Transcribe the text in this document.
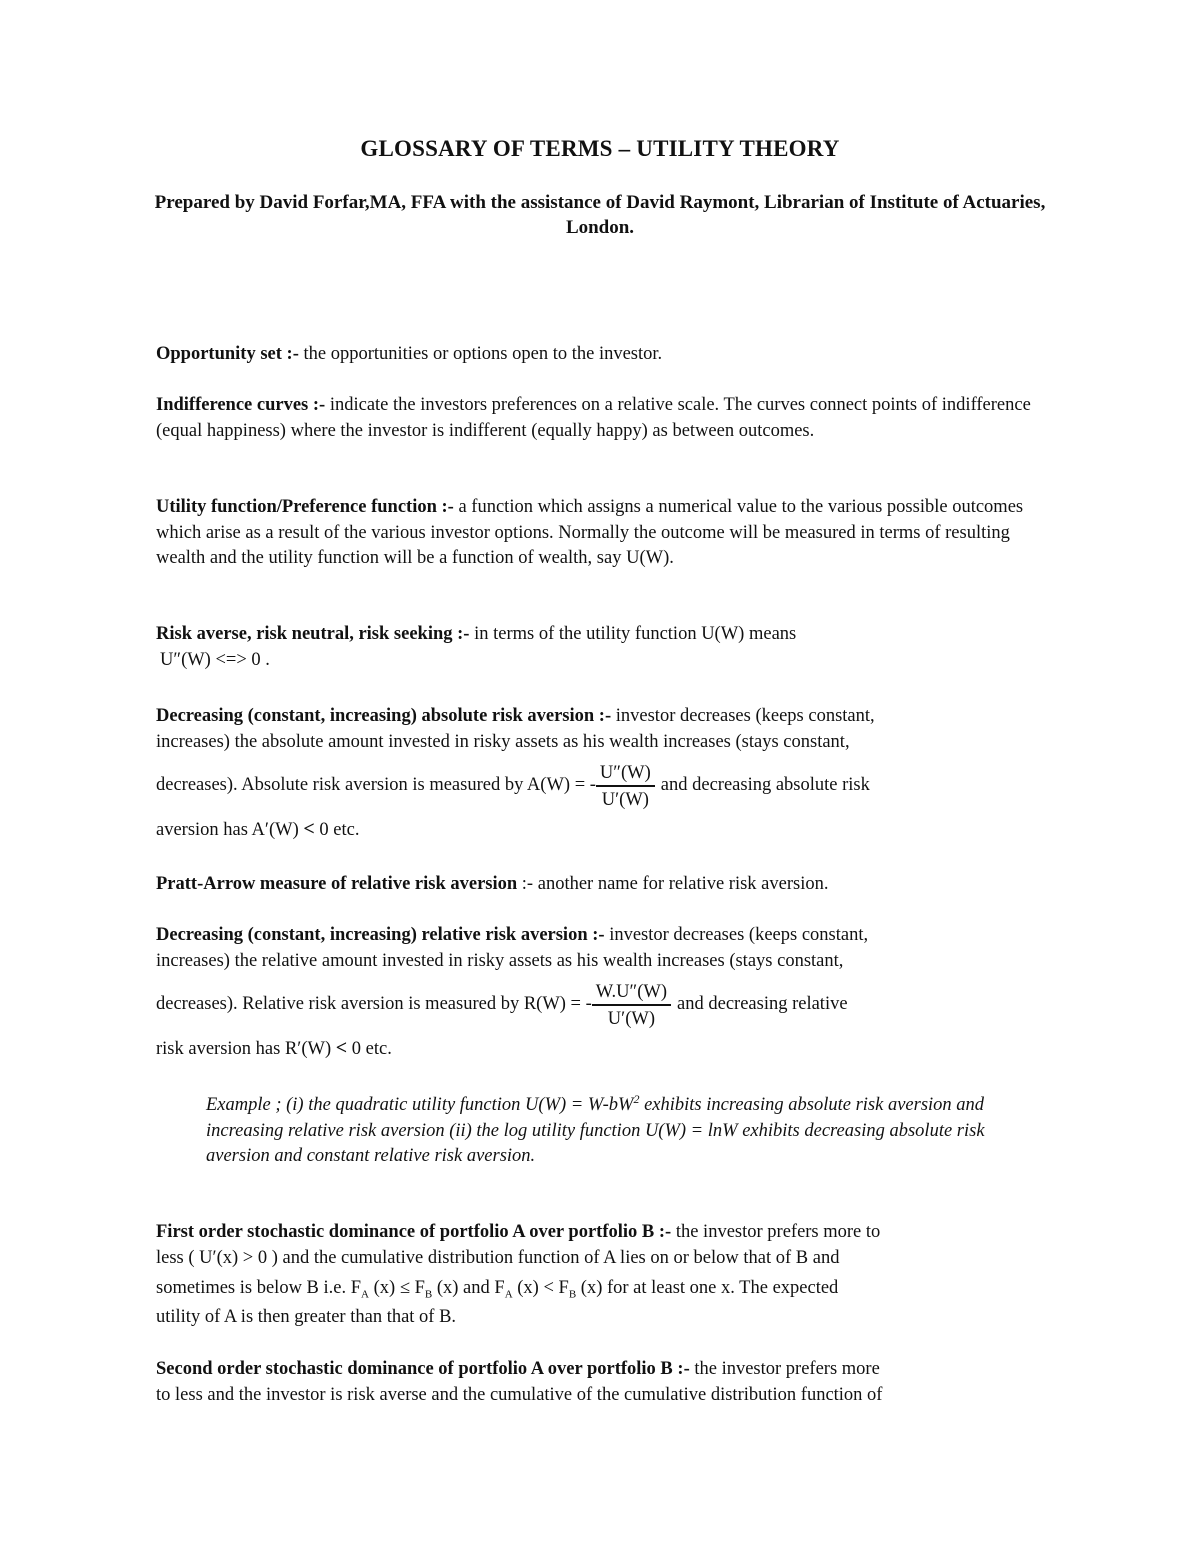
GLOSSARY OF TERMS – UTILITY THEORY
Prepared by David Forfar,MA, FFA with the assistance of David Raymont, Librarian of Institute of Actuaries, London.
Opportunity set :- the opportunities or options open to the investor.
Indifference curves :- indicate the investors preferences on a relative scale. The curves connect points of indifference (equal happiness) where the investor is indifferent (equally happy) as between outcomes.
Utility function/Preference function :- a function which assigns a numerical value to the various possible outcomes which arise as a result of the various investor options. Normally the outcome will be measured in terms of resulting wealth and the utility function will be a function of wealth, say U(W).
Risk averse, risk neutral, risk seeking :- in terms of the utility function U(W) means
U″(W) <=> 0 .
Decreasing (constant, increasing) absolute risk aversion :- investor decreases (keeps constant,
increases) the absolute amount invested in risky assets as his wealth increases (stays constant,
decreases). Absolute risk aversion is measured by A(W) = - $\frac{U''(W)}{U'(W)}$ and decreasing absolute risk
aversion has A′(W) < 0 etc.
Pratt-Arrow measure of relative risk aversion :- another name for relative risk aversion.
Decreasing (constant, increasing) relative risk aversion :- investor decreases (keeps constant,
increases) the relative amount invested in risky assets as his wealth increases (stays constant,
decreases). Relative risk aversion is measured by R(W) = - $\frac{W.U''(W)}{U'(W)}$ and decreasing relative
risk aversion has R′(W) < 0 etc.
Example ; (i) the quadratic utility function $U(W) = W-bW^2$ exhibits increasing absolute risk aversion and increasing relative risk aversion (ii) the log utility function U(W) = lnW exhibits decreasing absolute risk aversion and constant relative risk aversion.
First order stochastic dominance of portfolio A over portfolio B :- the investor prefers more to
less ( U′(x) > 0 ) and the cumulative distribution function of A lies on or below that of B and
sometimes is below B i.e. $F_A$ $(x) \le F_B$ (x) and $F_A$ $(x) < F_B$ (x) for at least one x. The expected
utility of A is then greater than that of B.
Second order stochastic dominance of portfolio A over portfolio B :- the investor prefers more
to less and the investor is risk averse and the cumulative of the cumulative distribution function of
